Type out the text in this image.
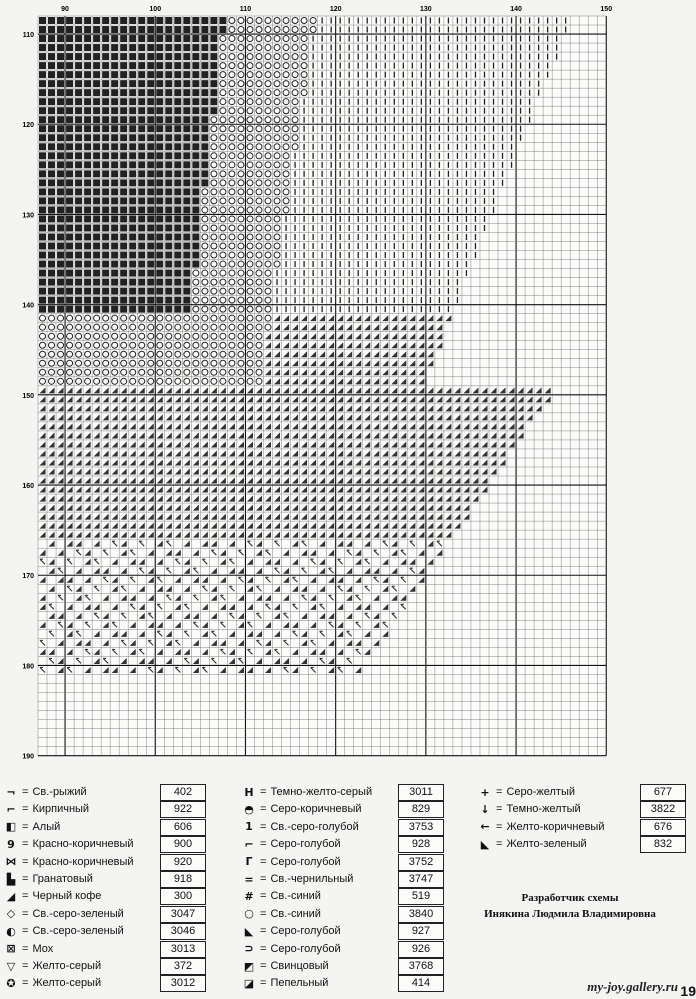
90	100	110	120	130	140	150
110
120
130
140
150
160
170
180
190
¬ = Св.-рыжий	402
⌐ = Кирпичный	922
◧ = Алый	606
9 = Красно-коричневый	900
⋈ = Красно-коричневый	920
▙ = Гранатовый	918
◢ = Черный кофе	300
◇ = Св.-серо-зеленый	3047
◐ = Св.-серо-зеленый	3046
⊠ = Мох	3013
▽ = Желто-серый	372
✪ = Желто-серый	3012
H = Темно-желто-серый	3011
◓ = Серо-коричневый	829
1 = Св.-серо-голубой	3753
⌐ = Серо-голубой	928
Γ = Серо-голубой	3752
= = Св.-чернильный	3747
# = Св.-синий	519
○ = Св.-синий	3840
◣ = Серо-голубой	927
⊃ = Серо-голубой	926
◩ = Свинцовый	3768
◪ = Пепельный	414
+ = Серо-желтый	677
↓ = Темно-желтый	3822
← = Желто-коричневый	676
◣ = Желто-зеленый	832
Разработчик схемы
Инякина Людмила Владимировна
my-joy.gallery.ru 19
